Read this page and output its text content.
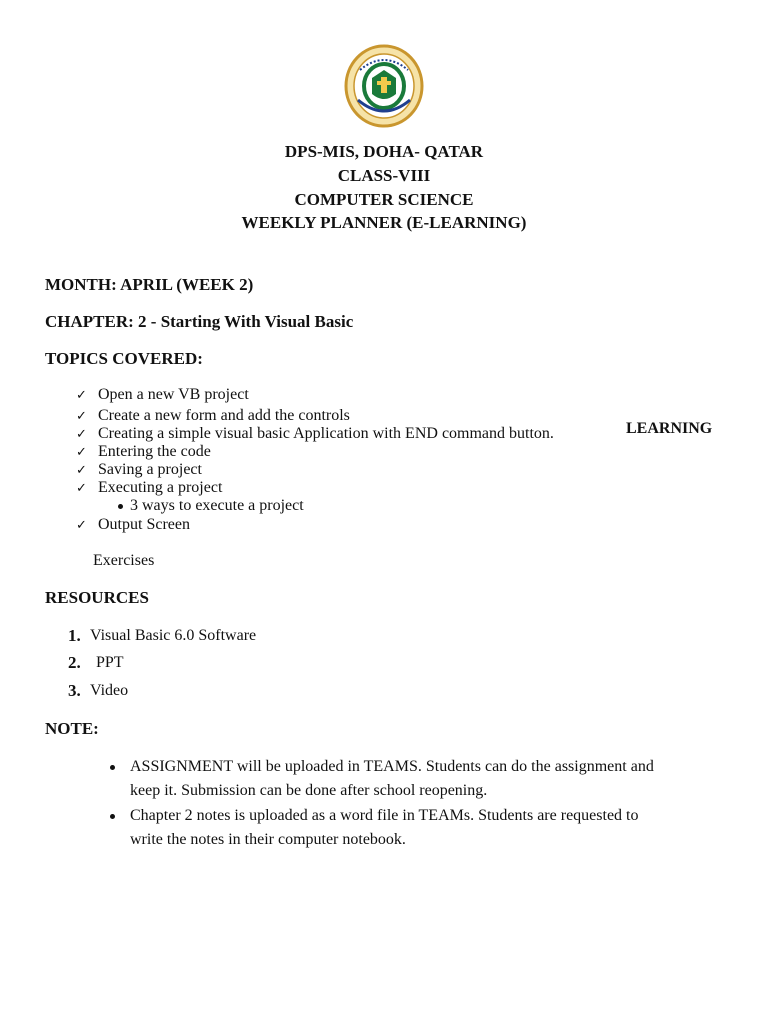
DPS-MIS, DOHA- QATAR
CLASS-VIII
COMPUTER SCIENCE
WEEKLY PLANNER (E-LEARNING)
MONTH: APRIL (WEEK 2)
CHAPTER: 2 - Starting With Visual Basic
TOPICS COVERED:
✓ Open a new VB project
✓ Create a new form and add the controls
✓ Creating a simple visual basic Application with END command button.
✓ Entering the code
✓ Saving a project
✓ Executing a project
3 ways to execute a project
✓ Output Screen
LEARNING
Exercises
RESOURCES
1. Visual Basic 6.0 Software
2. PPT
3. Video
NOTE:
ASSIGNMENT will be uploaded in TEAMS. Students can do the assignment and
keep it. Submission can be done after school reopening.
Chapter 2 notes is uploaded as a word file in TEAMs. Students are requested to
write the notes in their computer notebook.
